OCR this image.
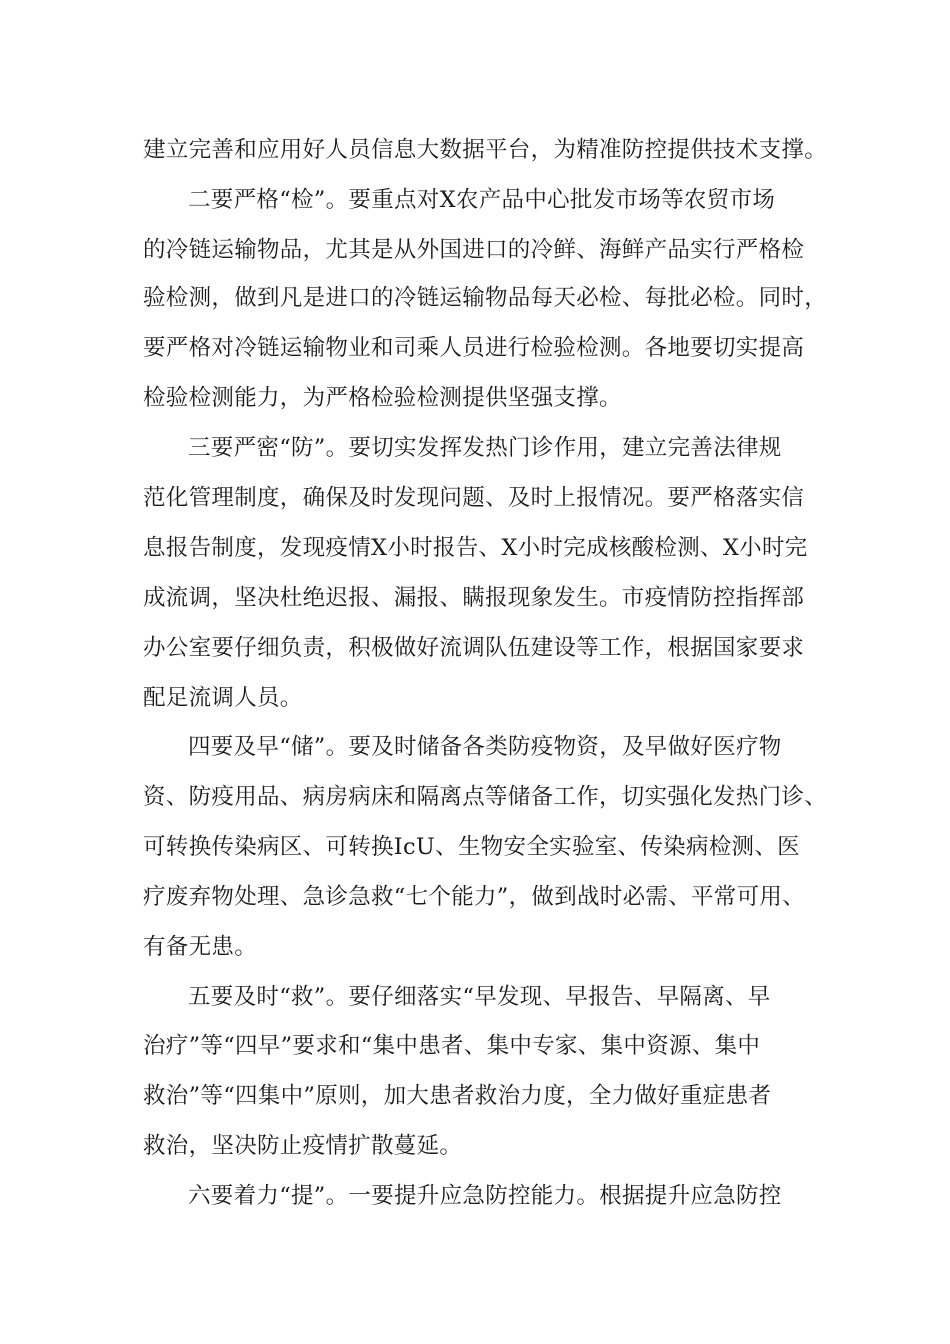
建立完善和应用好人员信息大数据平台，为精准防控提供技术支撑。
二要严格“检”。要重点对X农产品中心批发市场等农贸市场
的冷链运输物品，尤其是从外国进口的冷鲜、海鲜产品实行严格检
验检测，做到凡是进口的冷链运输物品每天必检、每批必检。同时，
要严格对冷链运输物业和司乘人员进行检验检测。各地要切实提高
检验检测能力，为严格检验检测提供坚强支撑。
三要严密“防”。要切实发挥发热门诊作用，建立完善法律规
范化管理制度，确保及时发现问题、及时上报情况。要严格落实信
息报告制度，发现疫情X小时报告、X小时完成核酸检测、X小时完
成流调，坚决杜绝迟报、漏报、瞒报现象发生。市疫情防控指挥部
办公室要仔细负责，积极做好流调队伍建设等工作，根据国家要求
配足流调人员。
四要及早“储”。要及时储备各类防疫物资，及早做好医疗物
资、防疫用品、病房病床和隔离点等储备工作，切实强化发热门诊、
可转换传染病区、可转换IcU、生物安全实验室、传染病检测、医
疗废弃物处理、急诊急救“七个能力”，做到战时必需、平常可用、
有备无患。
五要及时“救”。要仔细落实“早发现、早报告、早隔离、早
治疗”等“四早”要求和“集中患者、集中专家、集中资源、集中
救治”等“四集中”原则，加大患者救治力度，全力做好重症患者
救治，坚决防止疫情扩散蔓延。
六要着力“提”。一要提升应急防控能力。根据提升应急防控
